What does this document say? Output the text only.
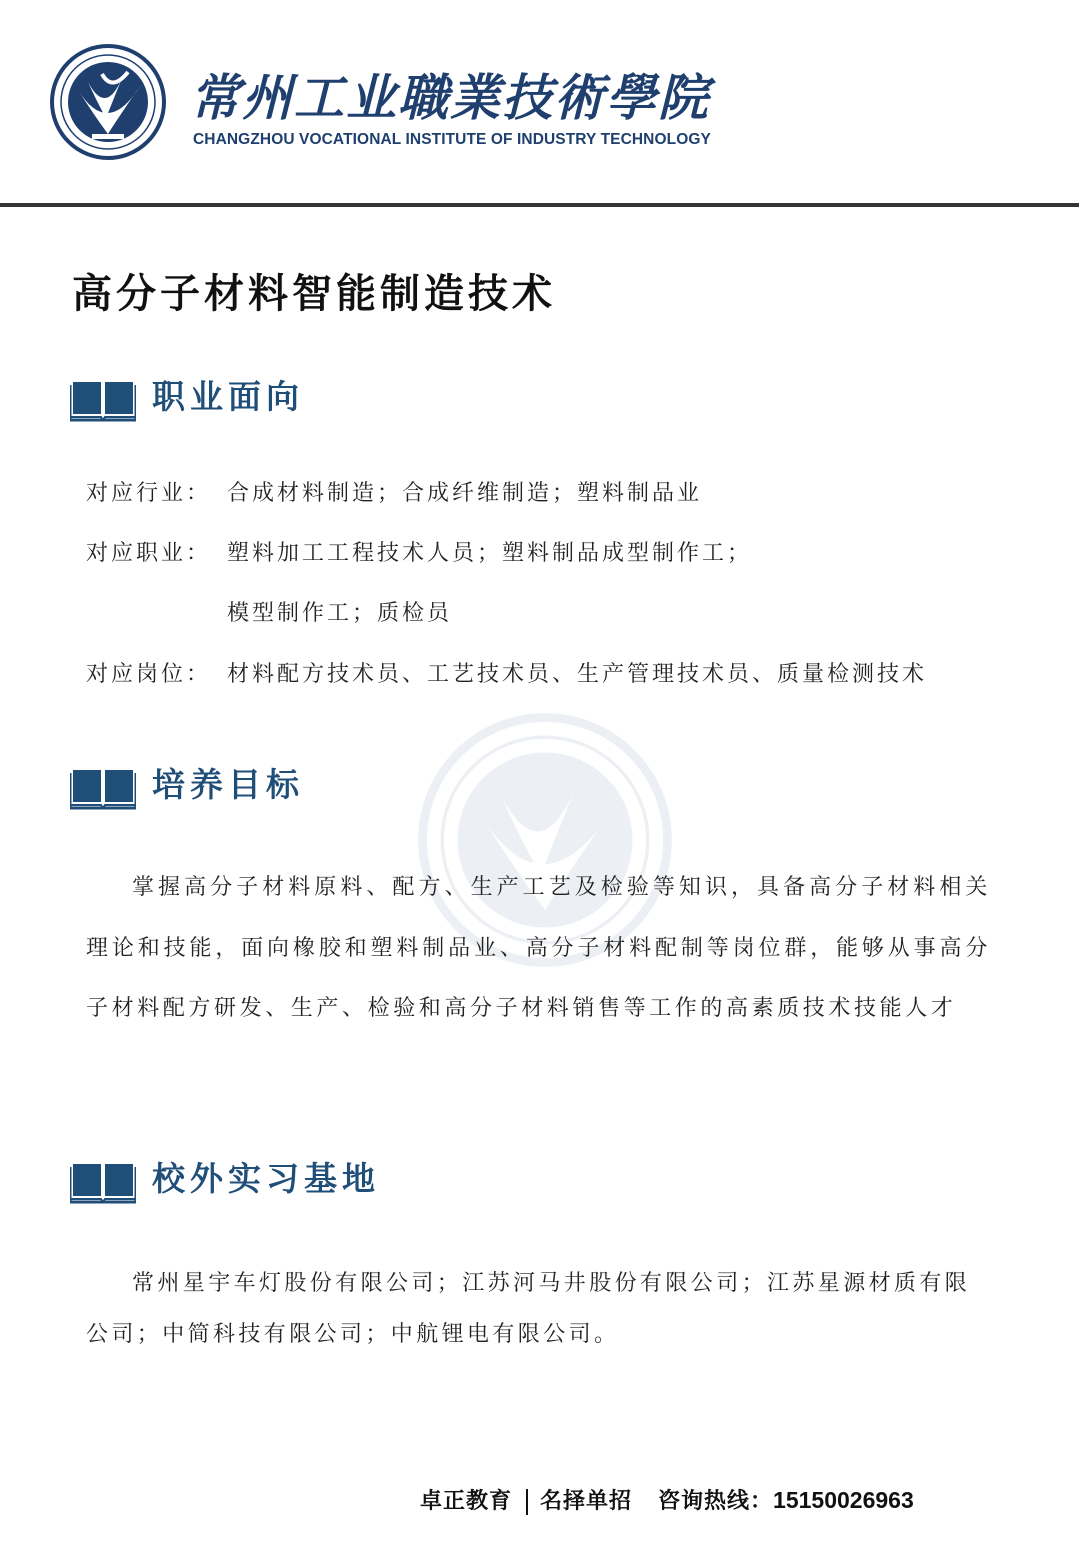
常州工业職業技術學院
CHANGZHOU VOCATIONAL INSTITUTE OF INDUSTRY TECHNOLOGY
高分子材料智能制造技术
职业面向
对应行业： 合成材料制造；合成纤维制造；塑料制品业
对应职业： 塑料加工工程技术人员；塑料制品成型制作工；
模型制作工；质检员
对应岗位： 材料配方技术员、工艺技术员、生产管理技术员、质量检测技术
培养目标
掌握高分子材料原料、配方、生产工艺及检验等知识，具备高分子材料相关理论和技能，面向橡胶和塑料制品业、高分子材料配制等岗位群，能够从事高分子材料配方研发、生产、检验和高分子材料销售等工作的高素质技术技能人才
校外实习基地
常州星宇车灯股份有限公司；江苏河马井股份有限公司；江苏星源材质有限公司；中简科技有限公司；中航锂电有限公司。
卓正教育 名择单招 咨询热线：15150026963
